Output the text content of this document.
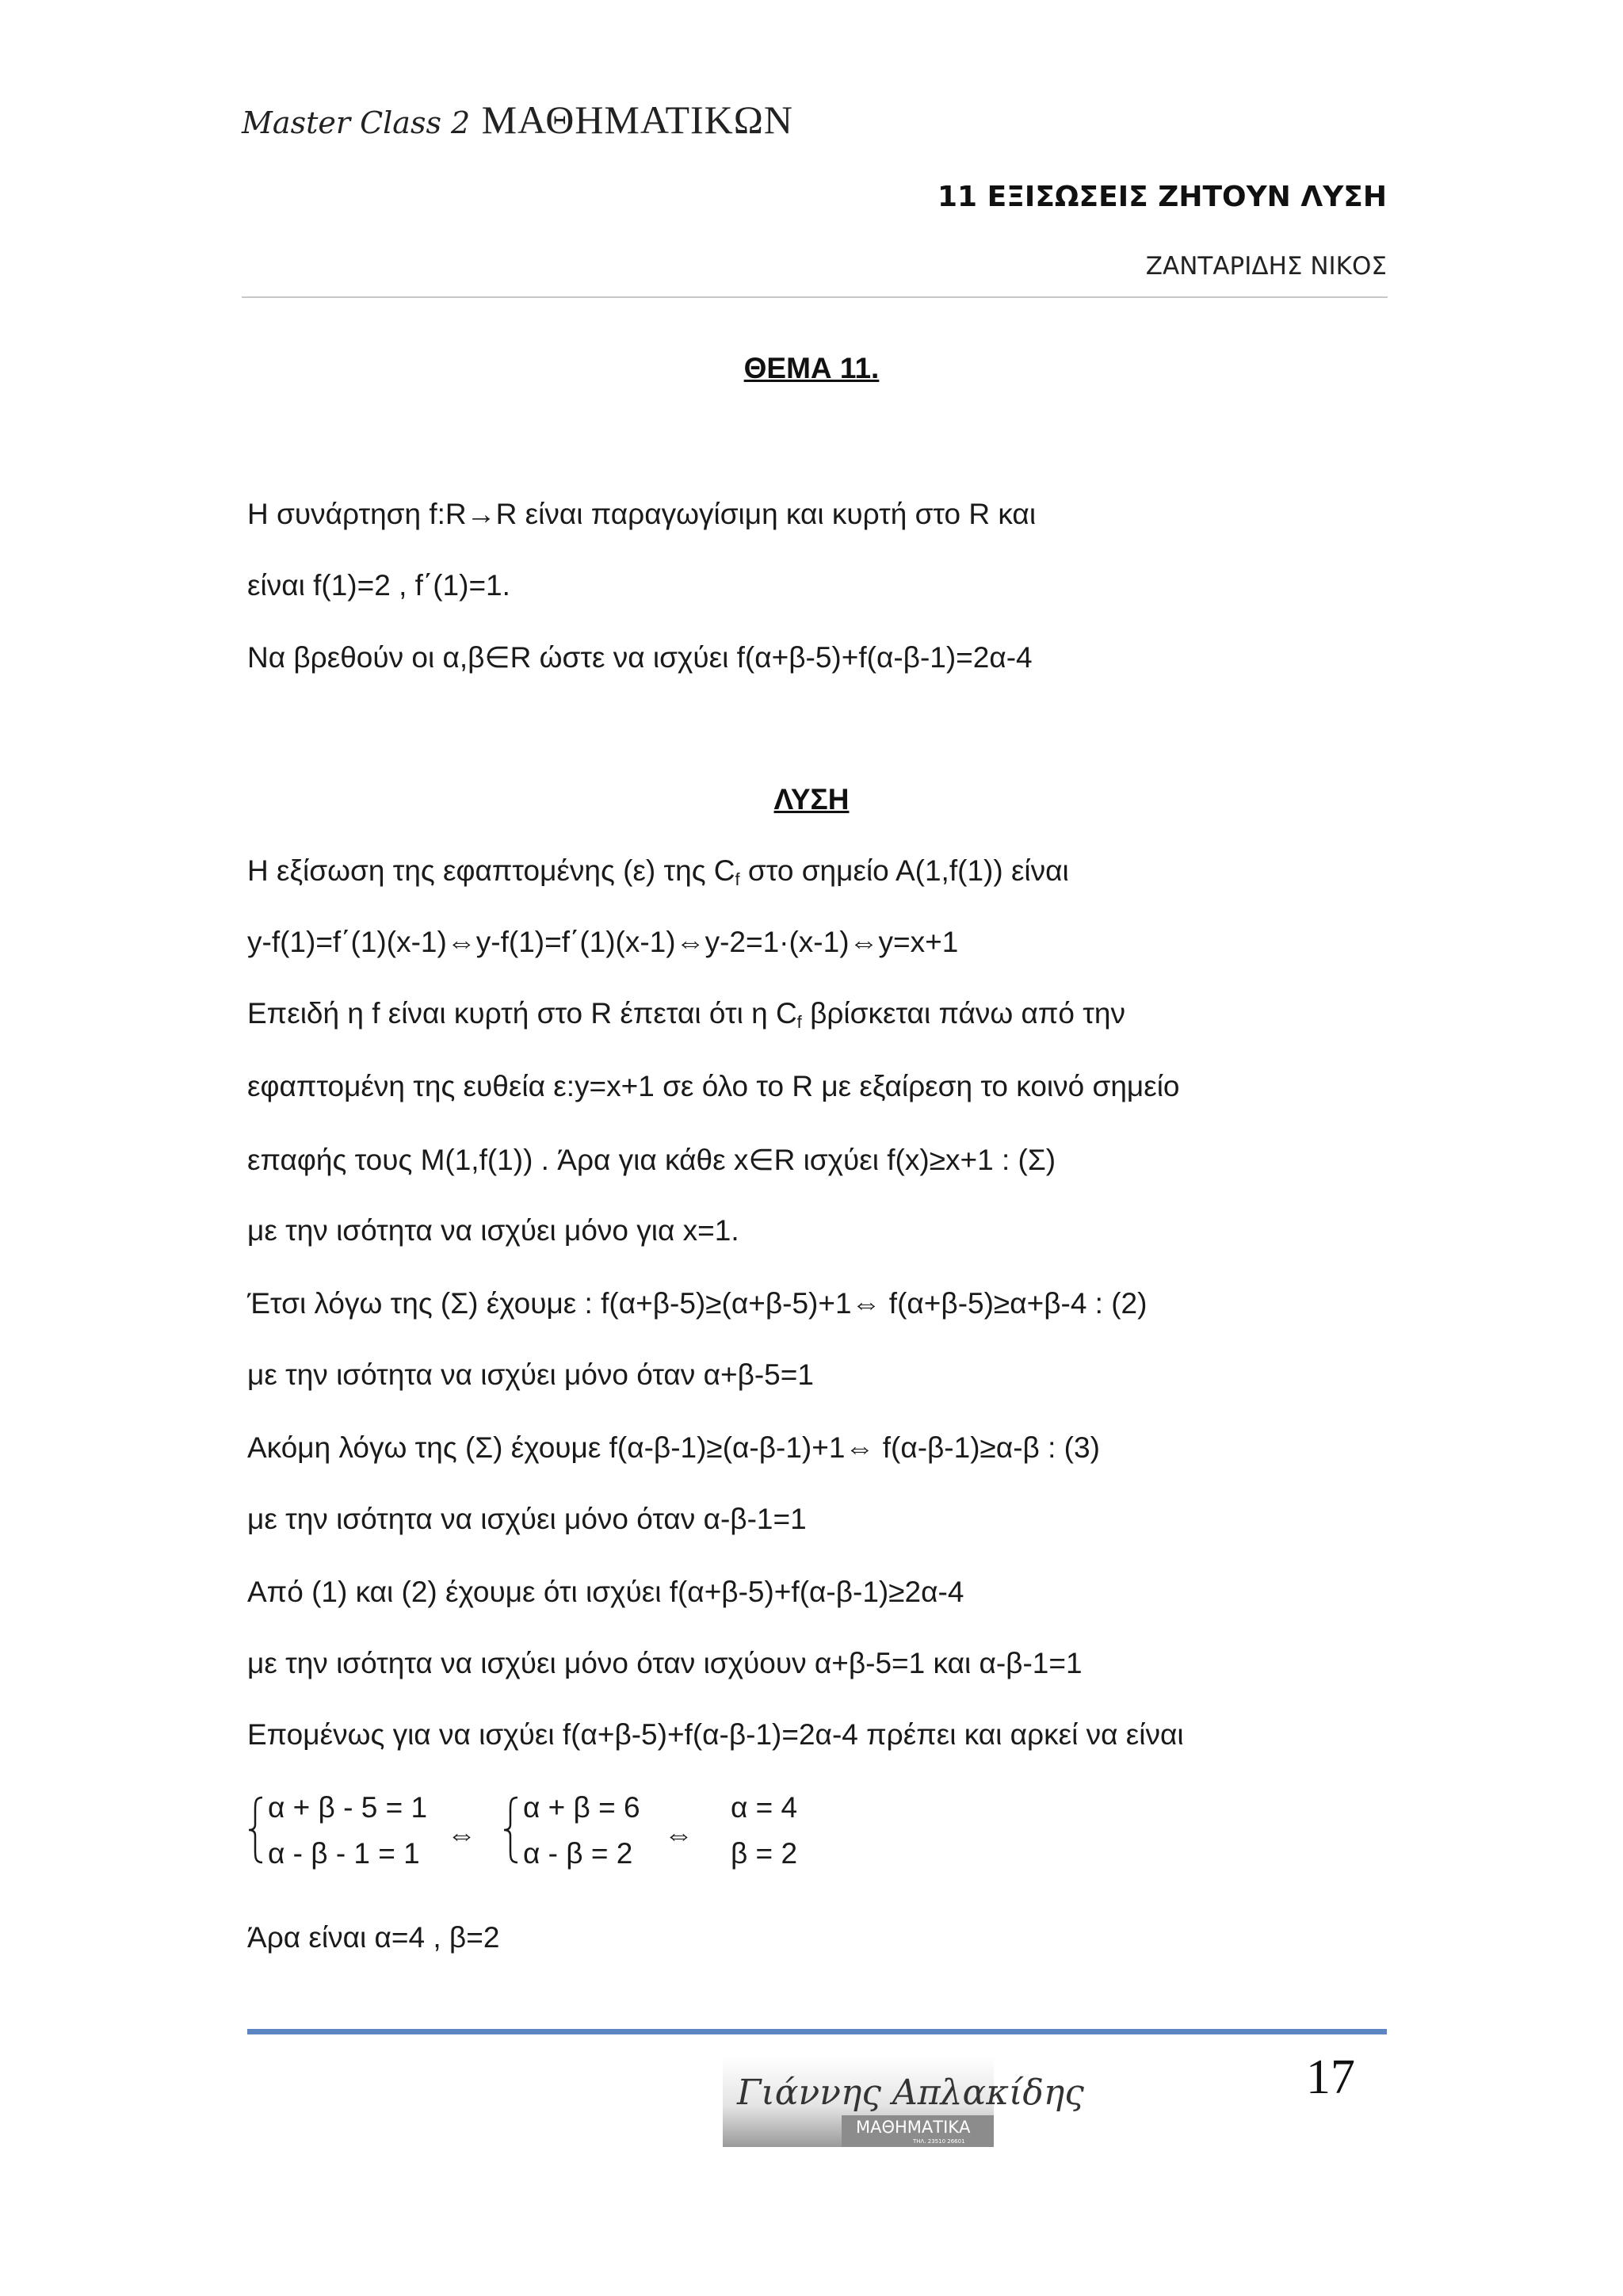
Master Class 2 ΜΑΘΗΜΑΤΙΚΩΝ
11 ΕΞΙΣΩΣΕΙΣ ΖΗΤΟΥΝ ΛΥΣΗ
ΖΑΝΤΑΡΙΔΗΣ ΝΙΚΟΣ
ΘΕΜΑ 11.
Η συνάρτηση f:R→R είναι παραγωγίσιμη και κυρτή στο R και
είναι f(1)=2 , f΄(1)=1.
Να βρεθούν οι α,β∈R ώστε να ισχύει f(α+β-5)+f(α-β-1)=2α-4
ΛΥΣΗ
Η εξίσωση της εφαπτομένης (ε) της $C_f$ στο σημείο Α(1,f(1)) είναι
y-f(1)=f΄(1)(x-1)⇔y-f(1)=f΄(1)(x-1)⇔y-2=1·(x-1)⇔y=x+1
Επειδή η f είναι κυρτή στο R έπεται ότι η $C_f$ βρίσκεται πάνω από την
εφαπτομένη της ευθεία ε:y=x+1 σε όλο το R με εξαίρεση το κοινό σημείο
επαφής τους Μ(1,f(1)) . Άρα για κάθε x∈R ισχύει f(x)≥x+1 : (Σ)
με την ισότητα να ισχύει μόνο για x=1.
Έτσι λόγω της (Σ) έχουμε : f(α+β-5)≥(α+β-5)+1⇔ f(α+β-5)≥α+β-4 : (2)
με την ισότητα να ισχύει μόνο όταν α+β-5=1
Ακόμη λόγω της (Σ) έχουμε f(α-β-1)≥(α-β-1)+1⇔ f(α-β-1)≥α-β : (3)
με την ισότητα να ισχύει μόνο όταν α-β-1=1
Από (1) και (2) έχουμε ότι ισχύει f(α+β-5)+f(α-β-1)≥2α-4
με την ισότητα να ισχύει μόνο όταν ισχύουν α+β-5=1 και α-β-1=1
Επομένως για να ισχύει f(α+β-5)+f(α-β-1)=2α-4 πρέπει και αρκεί να είναι
α + β - 5 = 1
α - β - 1 = 1
⇔
α + β = 6
α - β = 2
⇔
α = 4
β = 2
Άρα είναι α=4 , β=2
17
Γιάννης Απλακίδης
ΜΑΘΗΜΑΤΙΚΑ
ΤΗΛ. 23510 26601
